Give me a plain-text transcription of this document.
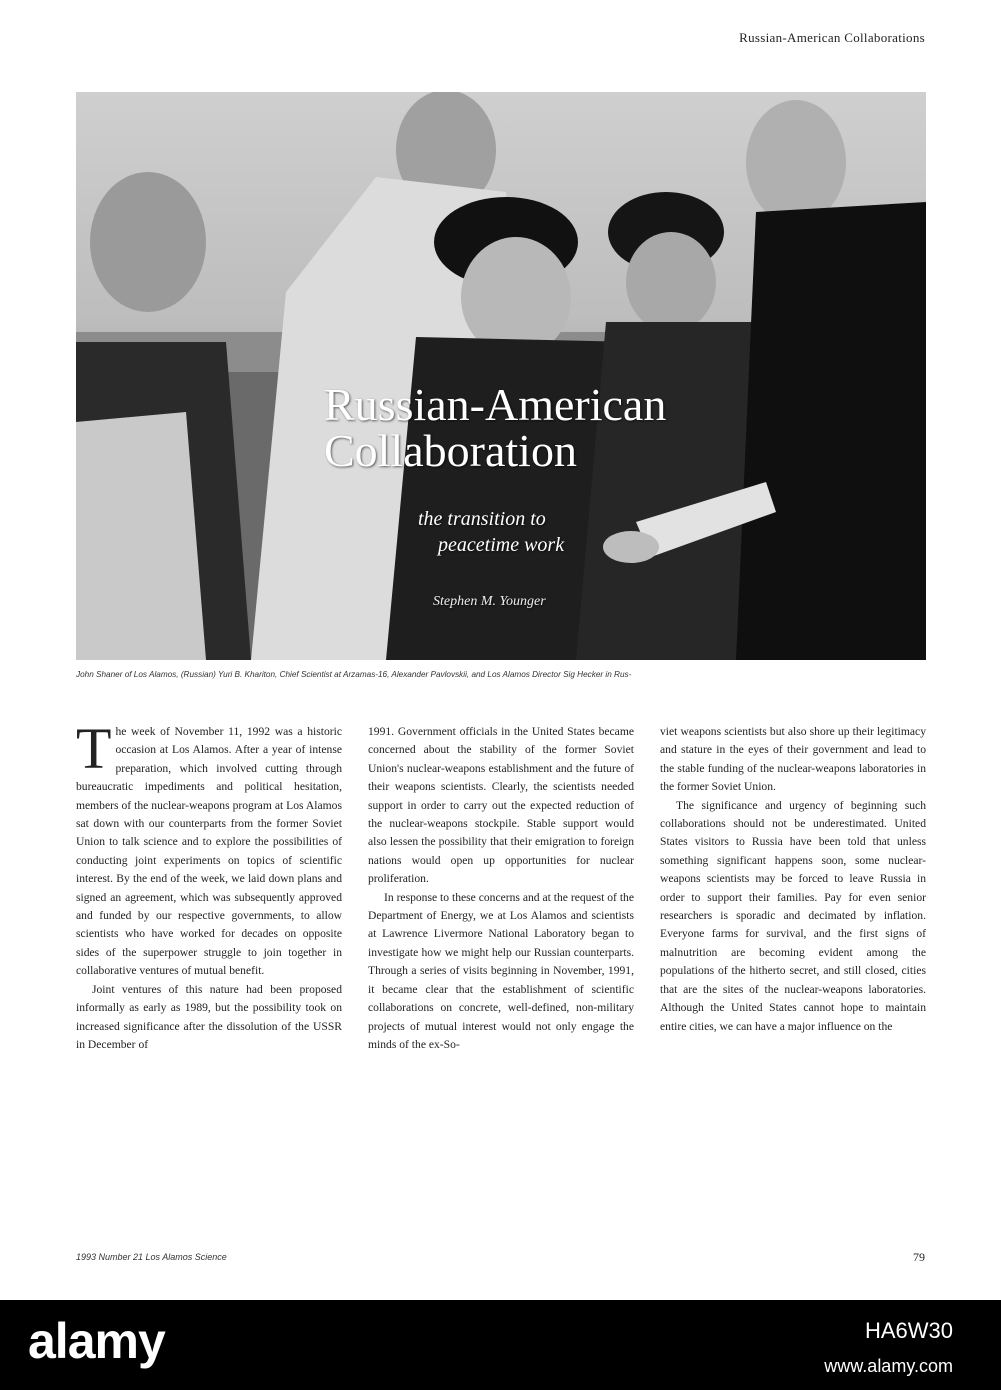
Russian-American Collaborations
Russian-American
Collaboration
the transition to
peacetime work
Stephen M. Younger
John Shaner of Los Alamos, (Russian) Yuri B. Khariton, Chief Scientist at Arzamas-16, Alexander Pavlovskii, and Los Alamos Director Sig Hecker in Rus-

The week of November 11, 1992 was a historic occasion at Los Alamos. After a year of intense preparation, which involved cutting through bureaucratic impediments and political hesitation, members of the nuclear-weapons program at Los Alamos sat down with our counterparts from the former Soviet Union to talk science and to explore the possibilities of conducting joint experiments on topics of scientific interest. By the end of the week, we laid down plans and signed an agreement, which was subsequently approved and funded by our respective governments, to allow scientists who have worked for decades on opposite sides of the superpower struggle to join together in collaborative ventures of mutual benefit.

Joint ventures of this nature had been proposed informally as early as 1989, but the possibility took on increased significance after the dissolution of the USSR in December of

1991. Government officials in the United States became concerned about the stability of the former Soviet Union's nuclear-weapons establishment and the future of their weapons scientists. Clearly, the scientists needed support in order to carry out the expected reduction of the nuclear-weapons stockpile. Stable support would also lessen the possibility that their emigration to foreign nations would open up opportunities for nuclear proliferation.

In response to these concerns and at the request of the Department of Energy, we at Los Alamos and scientists at Lawrence Livermore National Laboratory began to investigate how we might help our Russian counterparts. Through a series of visits beginning in November, 1991, it became clear that the establishment of scientific collaborations on concrete, well-defined, non-military projects of mutual interest would not only engage the minds of the ex-So-

viet weapons scientists but also shore up their legitimacy and stature in the eyes of their government and lead to the stable funding of the nuclear-weapons laboratories in the former Soviet Union.

The significance and urgency of beginning such collaborations should not be underestimated. United States visitors to Russia have been told that unless something significant happens soon, some nuclear-weapons scientists may be forced to leave Russia in order to support their families. Pay for even senior researchers is sporadic and decimated by inflation. Everyone farms for survival, and the first signs of malnutrition are becoming evident among the populations of the hitherto secret, and still closed, cities that are the sites of the nuclear-weapons laboratories. Although the United States cannot hope to maintain entire cities, we can have a major influence on the

1993 Number 21 Los Alamos Science	79
alamy	HA6W30
www.alamy.com
